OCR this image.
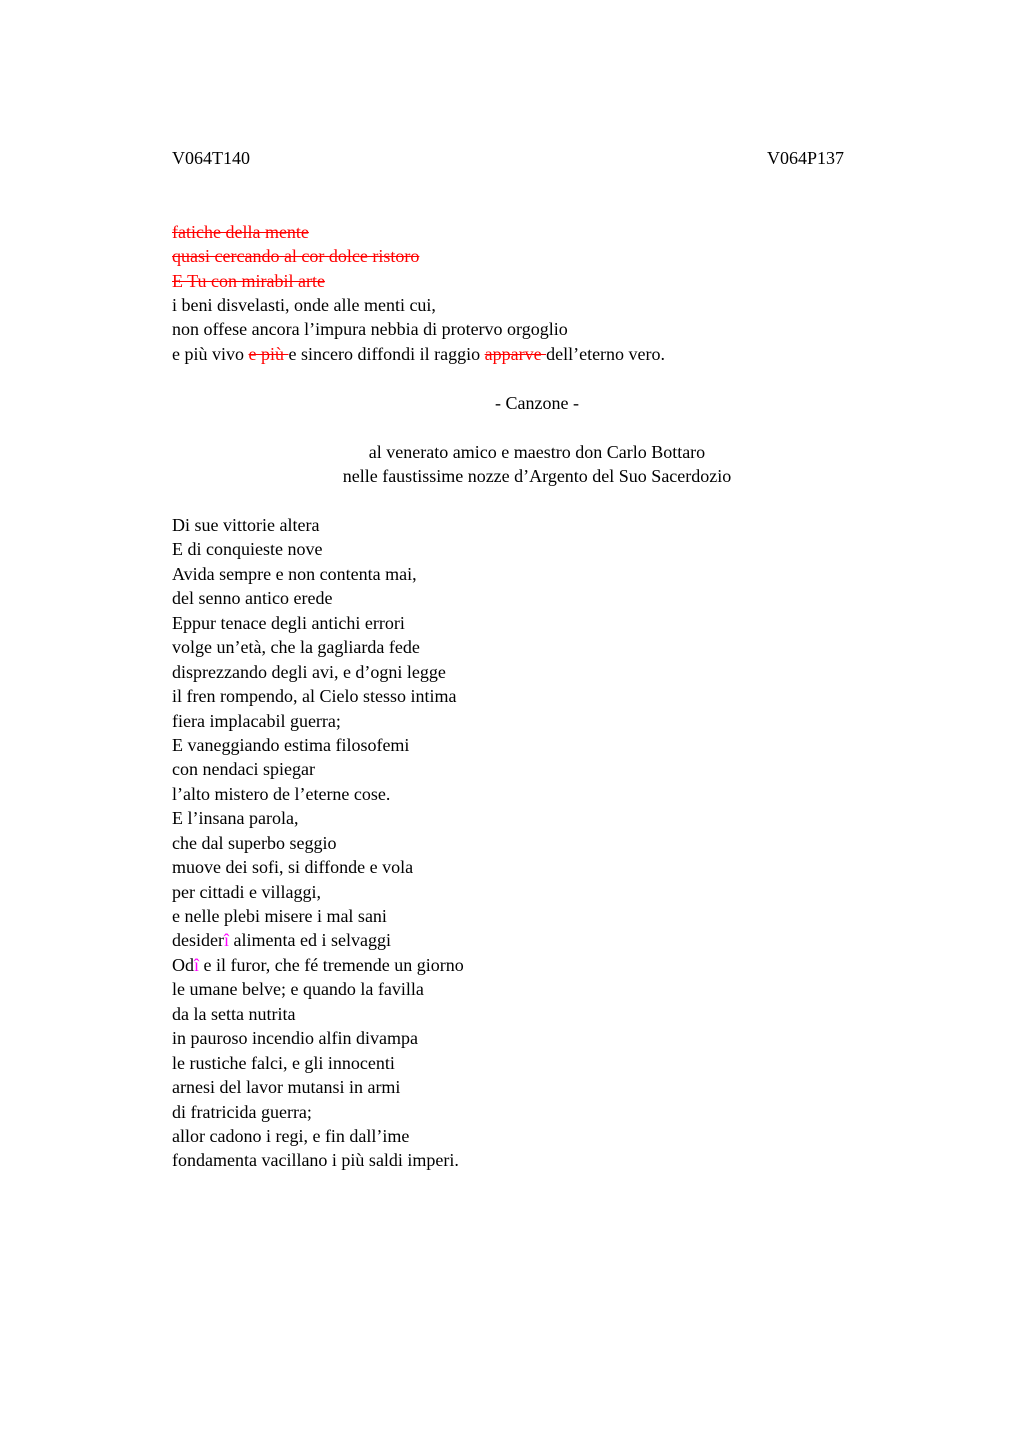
V064T140	V064P137
fatiche della mente
quasi cercando al cor dolce ristoro
E Tu con mirabil arte
i beni disvelasti, onde alle menti cui,
non offese ancora l’impura nebbia di protervo orgoglio
e più vivo e più e sincero diffondi il raggio apparve dell’eterno vero.
- Canzone -
al venerato amico e maestro don Carlo Bottaro
nelle faustissime nozze d’Argento del Suo Sacerdozio
Di sue vittorie altera
E di conquieste nove
Avida sempre e non contenta mai,
del senno antico erede
Eppur tenace degli antichi errori
volge un’età, che la gagliarda fede
disprezzando degli avi, e d’ogni legge
il fren rompendo, al Cielo stesso intima
fiera implacabil guerra;
E vaneggiando estima filosofemi
con nendaci spiegar
l’alto mistero de l’eterne cose.
E l’insana parola,
che dal superbo seggio
muove dei sofi, si diffonde e vola
per cittadi e villaggi,
e nelle plebi misere i mal sani
desiderî alimenta ed i selvaggi
Odî e il furor, che fé tremende un giorno
le umane belve; e quando la favilla
da la setta nutrita
in pauroso incendio alfin divampa
le rustiche falci, e gli innocenti
arnesi del lavor mutansi in armi
di fratricida guerra;
allor cadono i regi, e fin dall’ime
fondamenta vacillano i più saldi imperi.
